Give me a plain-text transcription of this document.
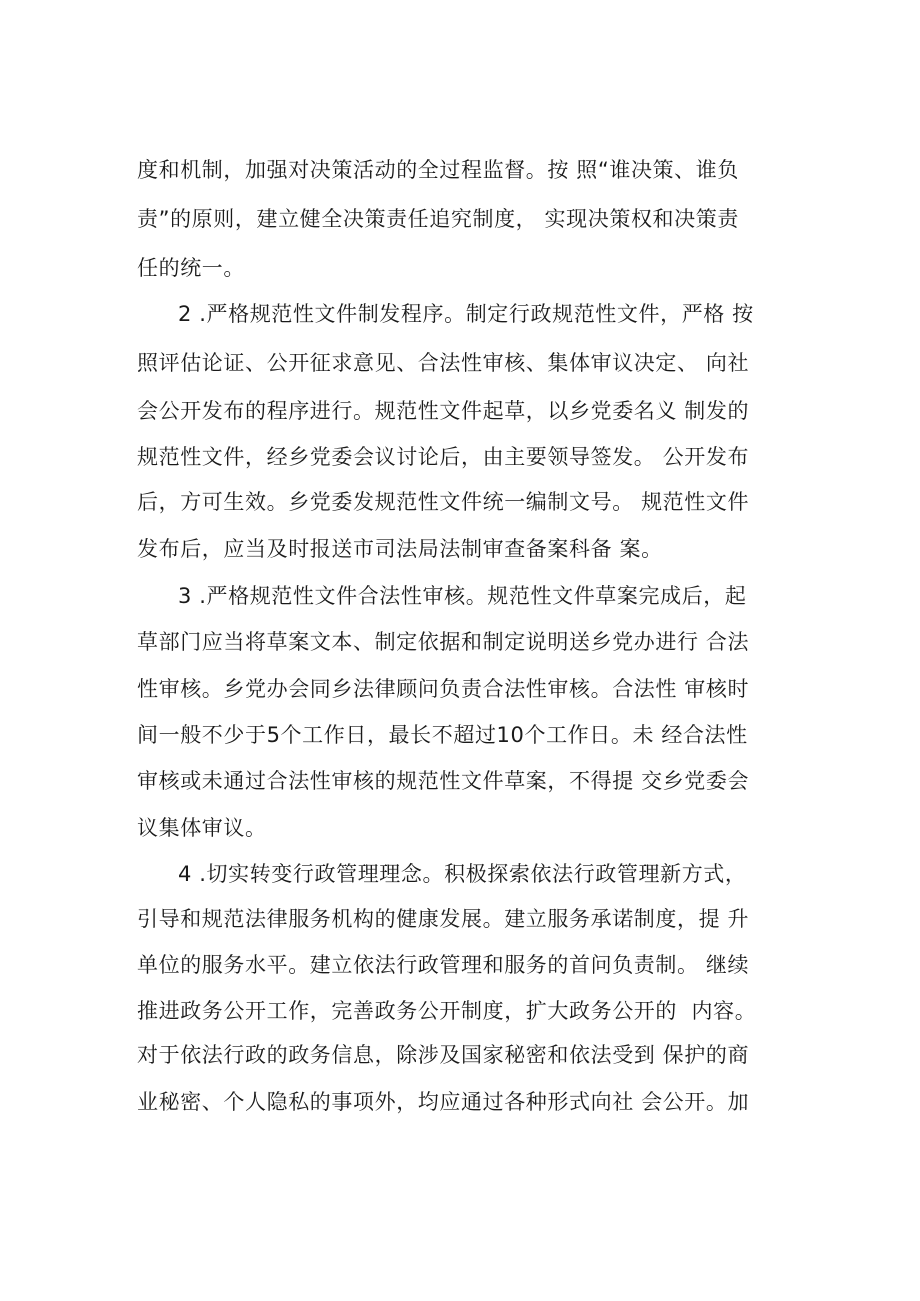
度和机制，加强对决策活动的全过程监督。按 照“谁决策、谁负
责”的原则，建立健全决策责任追究制度， 实现决策权和决策责
任的统一。
2 .严格规范性文件制发程序。制定行政规范性文件，严格 按
照评估论证、公开征求意见、合法性审核、集体审议决定、 向社
会公开发布的程序进行。规范性文件起草，以乡党委名义 制发的
规范性文件，经乡党委会议讨论后，由主要领导签发。 公开发布
后，方可生效。乡党委发规范性文件统一编制文号。 规范性文件
发布后，应当及时报送市司法局法制审查备案科备 案。
3 .严格规范性文件合法性审核。规范性文件草案完成后，起
草部门应当将草案文本、制定依据和制定说明送乡党办进行 合法
性审核。乡党办会同乡法律顾问负责合法性审核。合法性 审核时
间一般不少于5个工作日，最长不超过10个工作日。未 经合法性
审核或未通过合法性审核的规范性文件草案，不得提 交乡党委会
议集体审议。
4 .切实转变行政管理理念。积极探索依法行政管理新方式，
引导和规范法律服务机构的健康发展。建立服务承诺制度，提 升
单位的服务水平。建立依法行政管理和服务的首问负责制。 继续
推进政务公开工作，完善政务公开制度，扩大政务公开的  内容。
对于依法行政的政务信息，除涉及国家秘密和依法受到 保护的商
业秘密、个人隐私的事项外，均应通过各种形式向社 会公开。加
